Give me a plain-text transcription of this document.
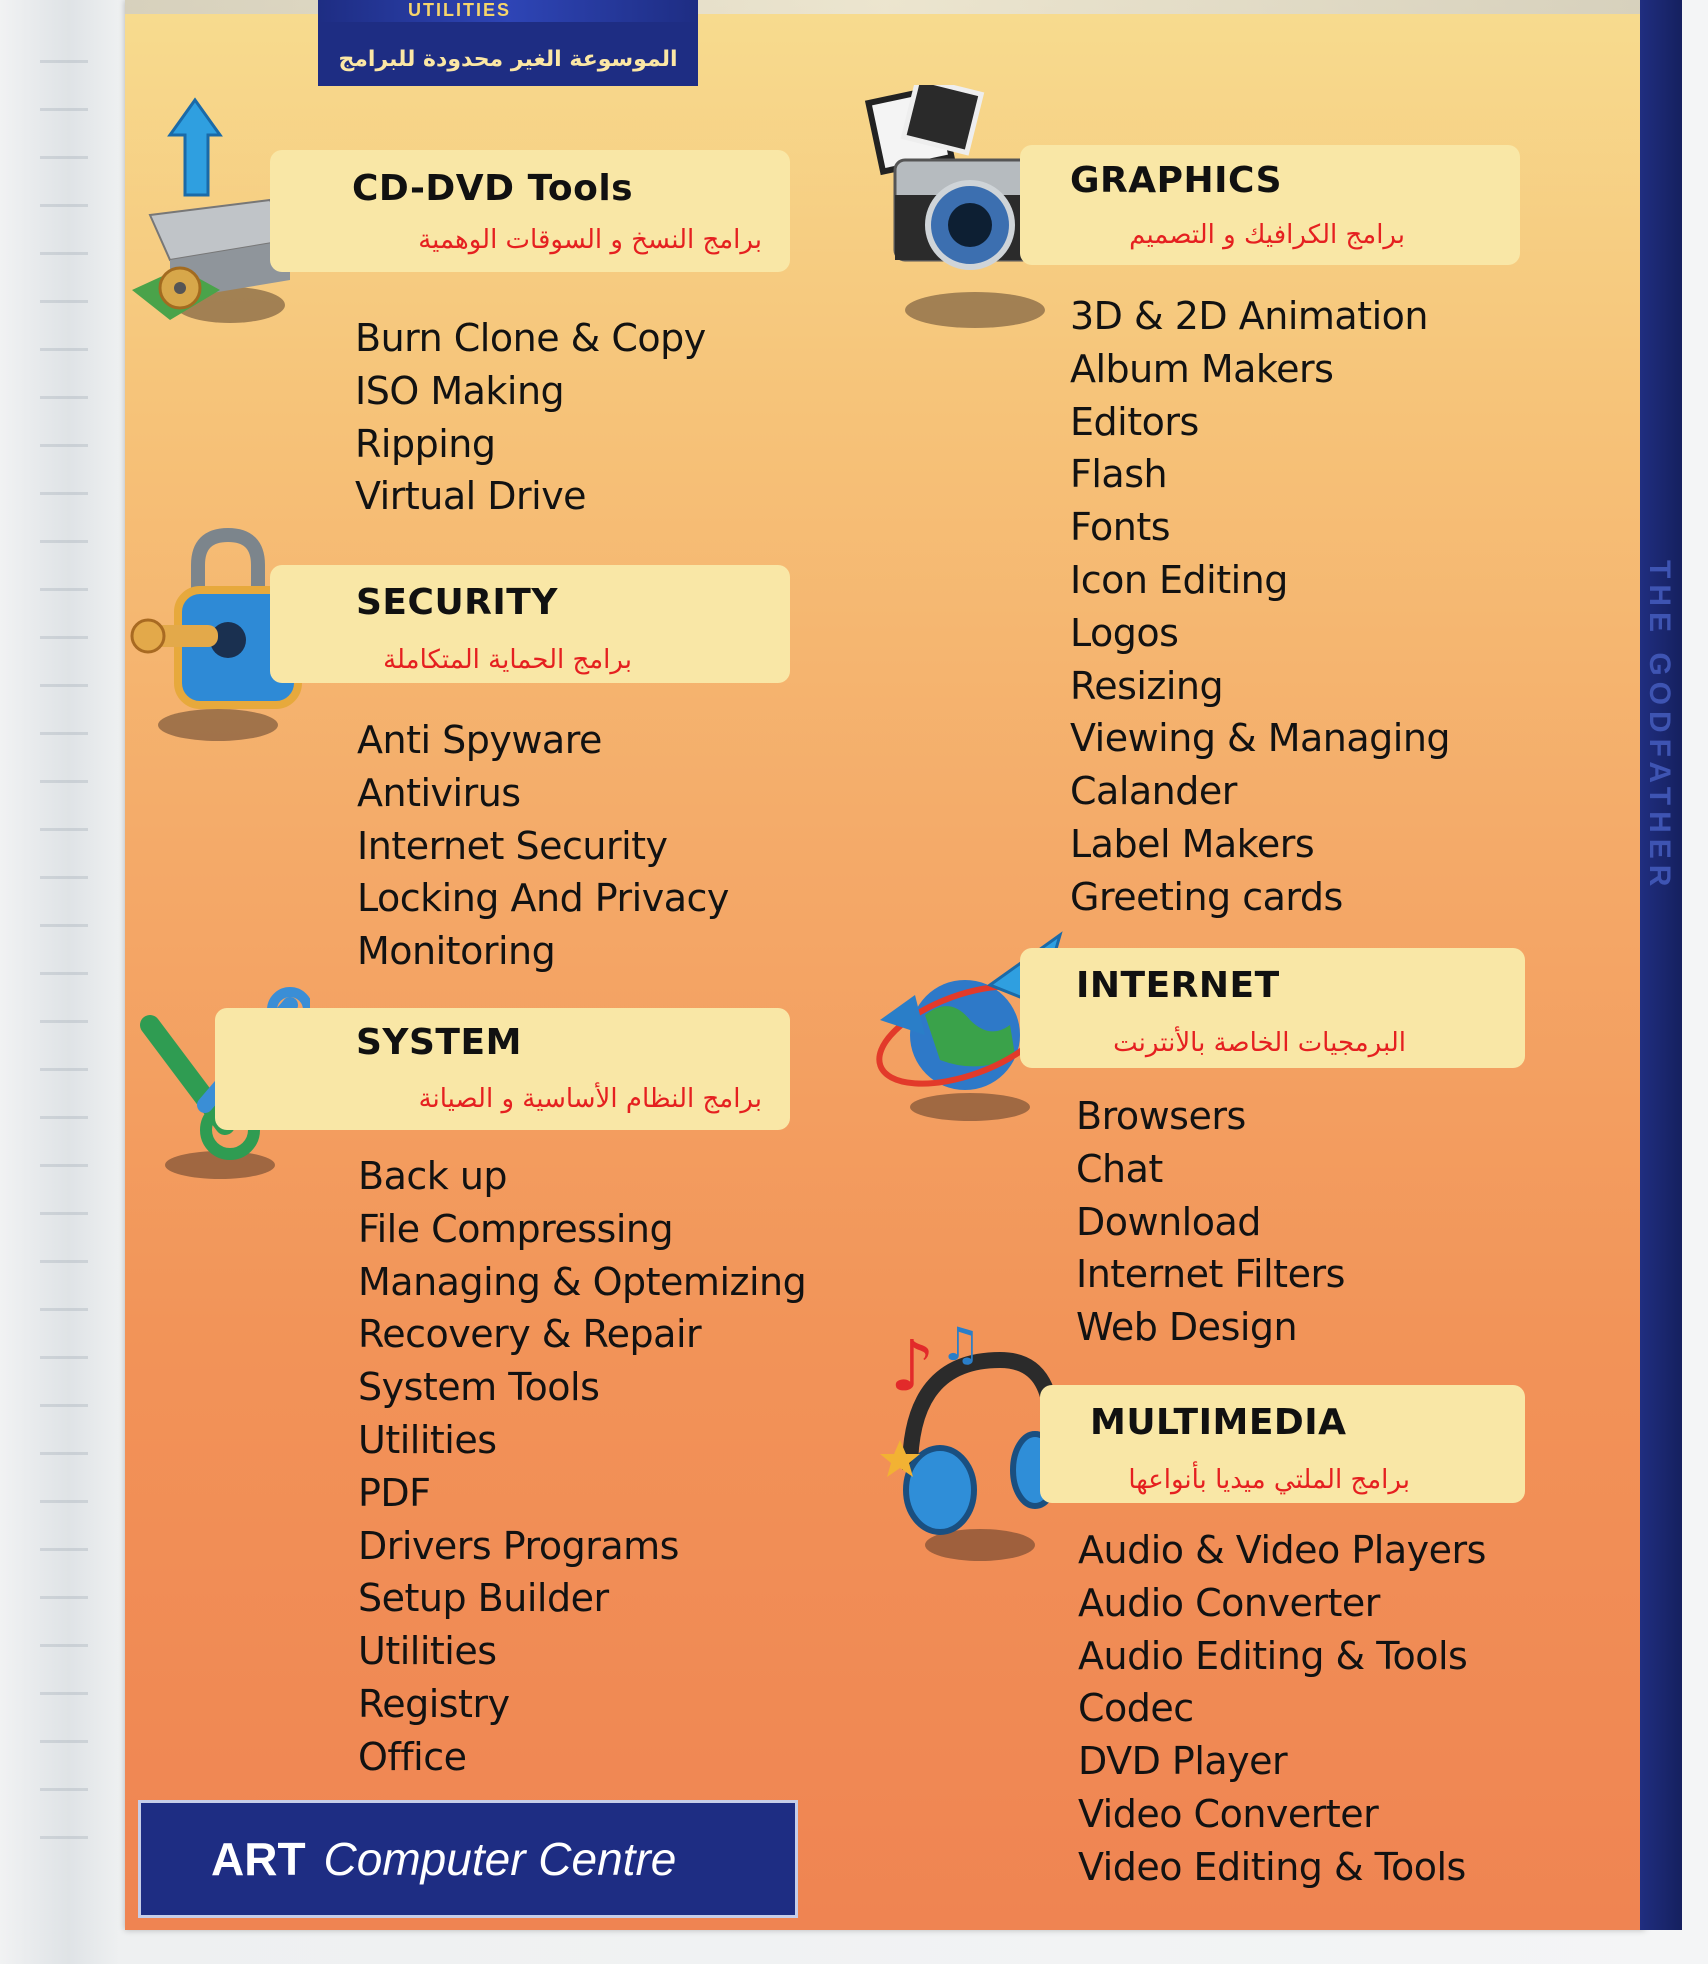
THE GODFATHER
UTILITIES
الموسوعة الغير محدودة للبرامج
CD-DVD Tools
برامج النسخ و السوقات الوهمية
Burn Clone & Copy
ISO Making
Ripping
Virtual Drive
SECURITY
برامج الحماية المتكاملة
Anti Spyware
Antivirus
Internet Security
Locking And Privacy
Monitoring
SYSTEM
برامج النظام الأساسية و الصيانة
Back up
File Compressing
Managing & Optemizing
Recovery & Repair
System Tools
Utilities
PDF
Drivers Programs
Setup Builder
Utilities
Registry
Office
GRAPHICS
برامج الكرافيك و التصميم
3D & 2D Animation
Album Makers
Editors
Flash
Fonts
Icon Editing
Logos
Resizing
Viewing & Managing
Calander
Label Makers
Greeting cards
INTERNET
البرمجيات الخاصة بالأنترنت
Browsers
Chat
Download
Internet Filters
Web Design
♪ ♫
MULTIMEDIA
برامج الملتي ميديا بأنواعها
Audio & Video Players
Audio Converter
Audio Editing & Tools
Codec
DVD Player
Video Converter
Video Editing & Tools
ART Computer Centre
